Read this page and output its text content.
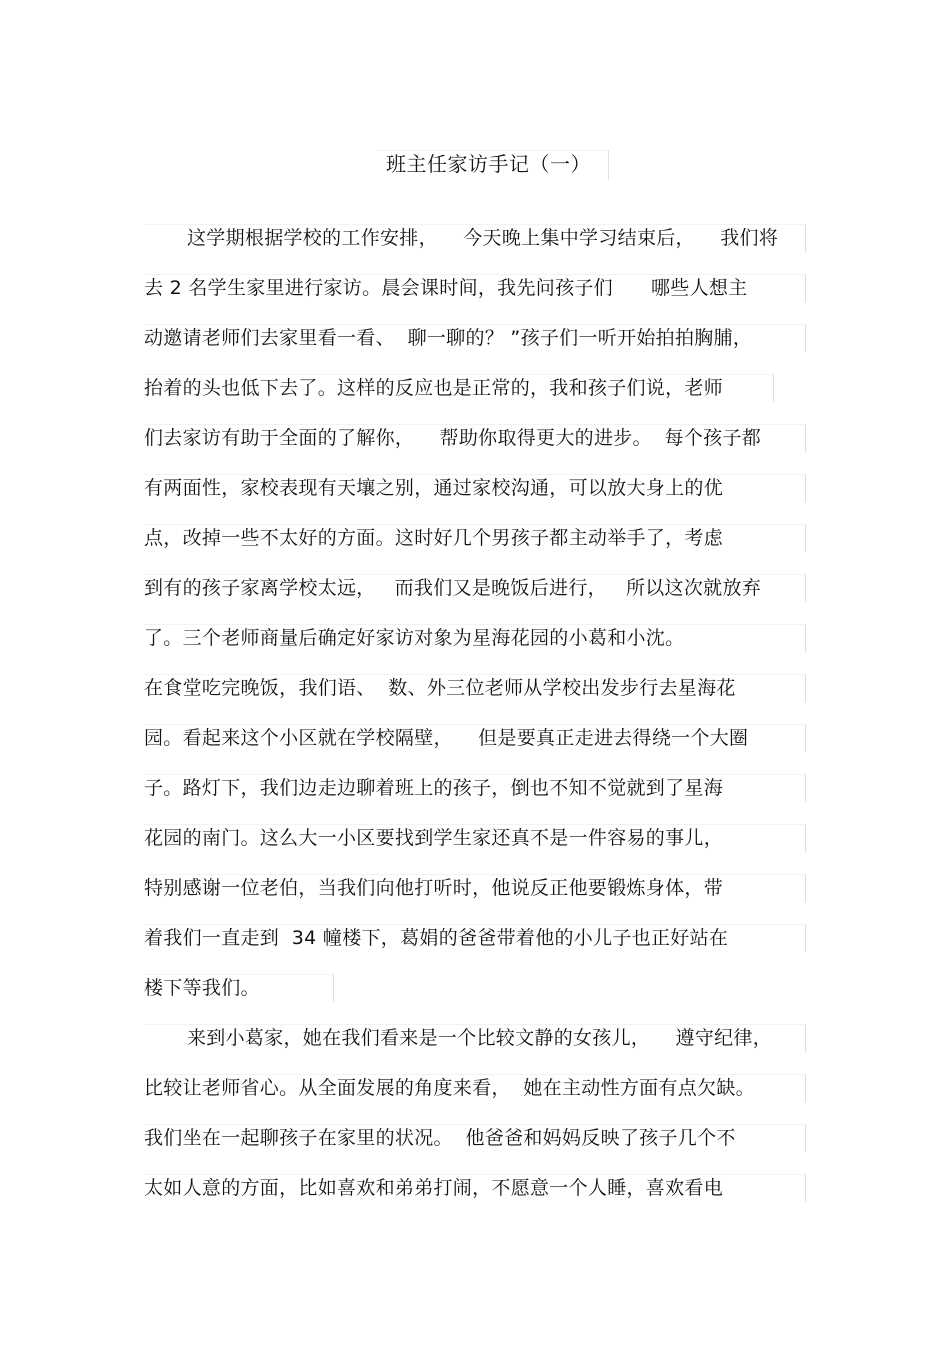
班主任家访手记（一）
这学期根据学校的工作安排，    今天晚上集中学习结束后，    我们将
去 2 名学生家里进行家访。晨会课时间，我先问孩子们      哪些人想主
动邀请老师们去家里看一看、  聊一聊的？ ”孩子们一听开始拍拍胸脯，
抬着的头也低下去了。这样的反应也是正常的，我和孩子们说，老师
们去家访有助于全面的了解你，    帮助你取得更大的进步。  每个孩子都
有两面性，家校表现有天壤之别，通过家校沟通，可以放大身上的优
点，改掉一些不太好的方面。这时好几个男孩子都主动举手了，考虑
到有的孩子家离学校太远，   而我们又是晚饭后进行，   所以这次就放弃
了。三个老师商量后确定好家访对象为星海花园的小葛和小沈。
在食堂吃完晚饭，我们语、  数、外三位老师从学校出发步行去星海花
园。看起来这个小区就在学校隔壁，    但是要真正走进去得绕一个大圈
子。路灯下，我们边走边聊着班上的孩子，倒也不知不觉就到了星海
花园的南门。这么大一小区要找到学生家还真不是一件容易的事儿，
特别感谢一位老伯，当我们向他打听时，他说反正他要锻炼身体，带
着我们一直走到  34 幢楼下，葛娟的爸爸带着他的小儿子也正好站在
楼下等我们。
来到小葛家，她在我们看来是一个比较文静的女孩儿，    遵守纪律，
比较让老师省心。从全面发展的角度来看，  她在主动性方面有点欠缺。
我们坐在一起聊孩子在家里的状况。  他爸爸和妈妈反映了孩子几个不
太如人意的方面，比如喜欢和弟弟打闹，不愿意一个人睡，喜欢看电
